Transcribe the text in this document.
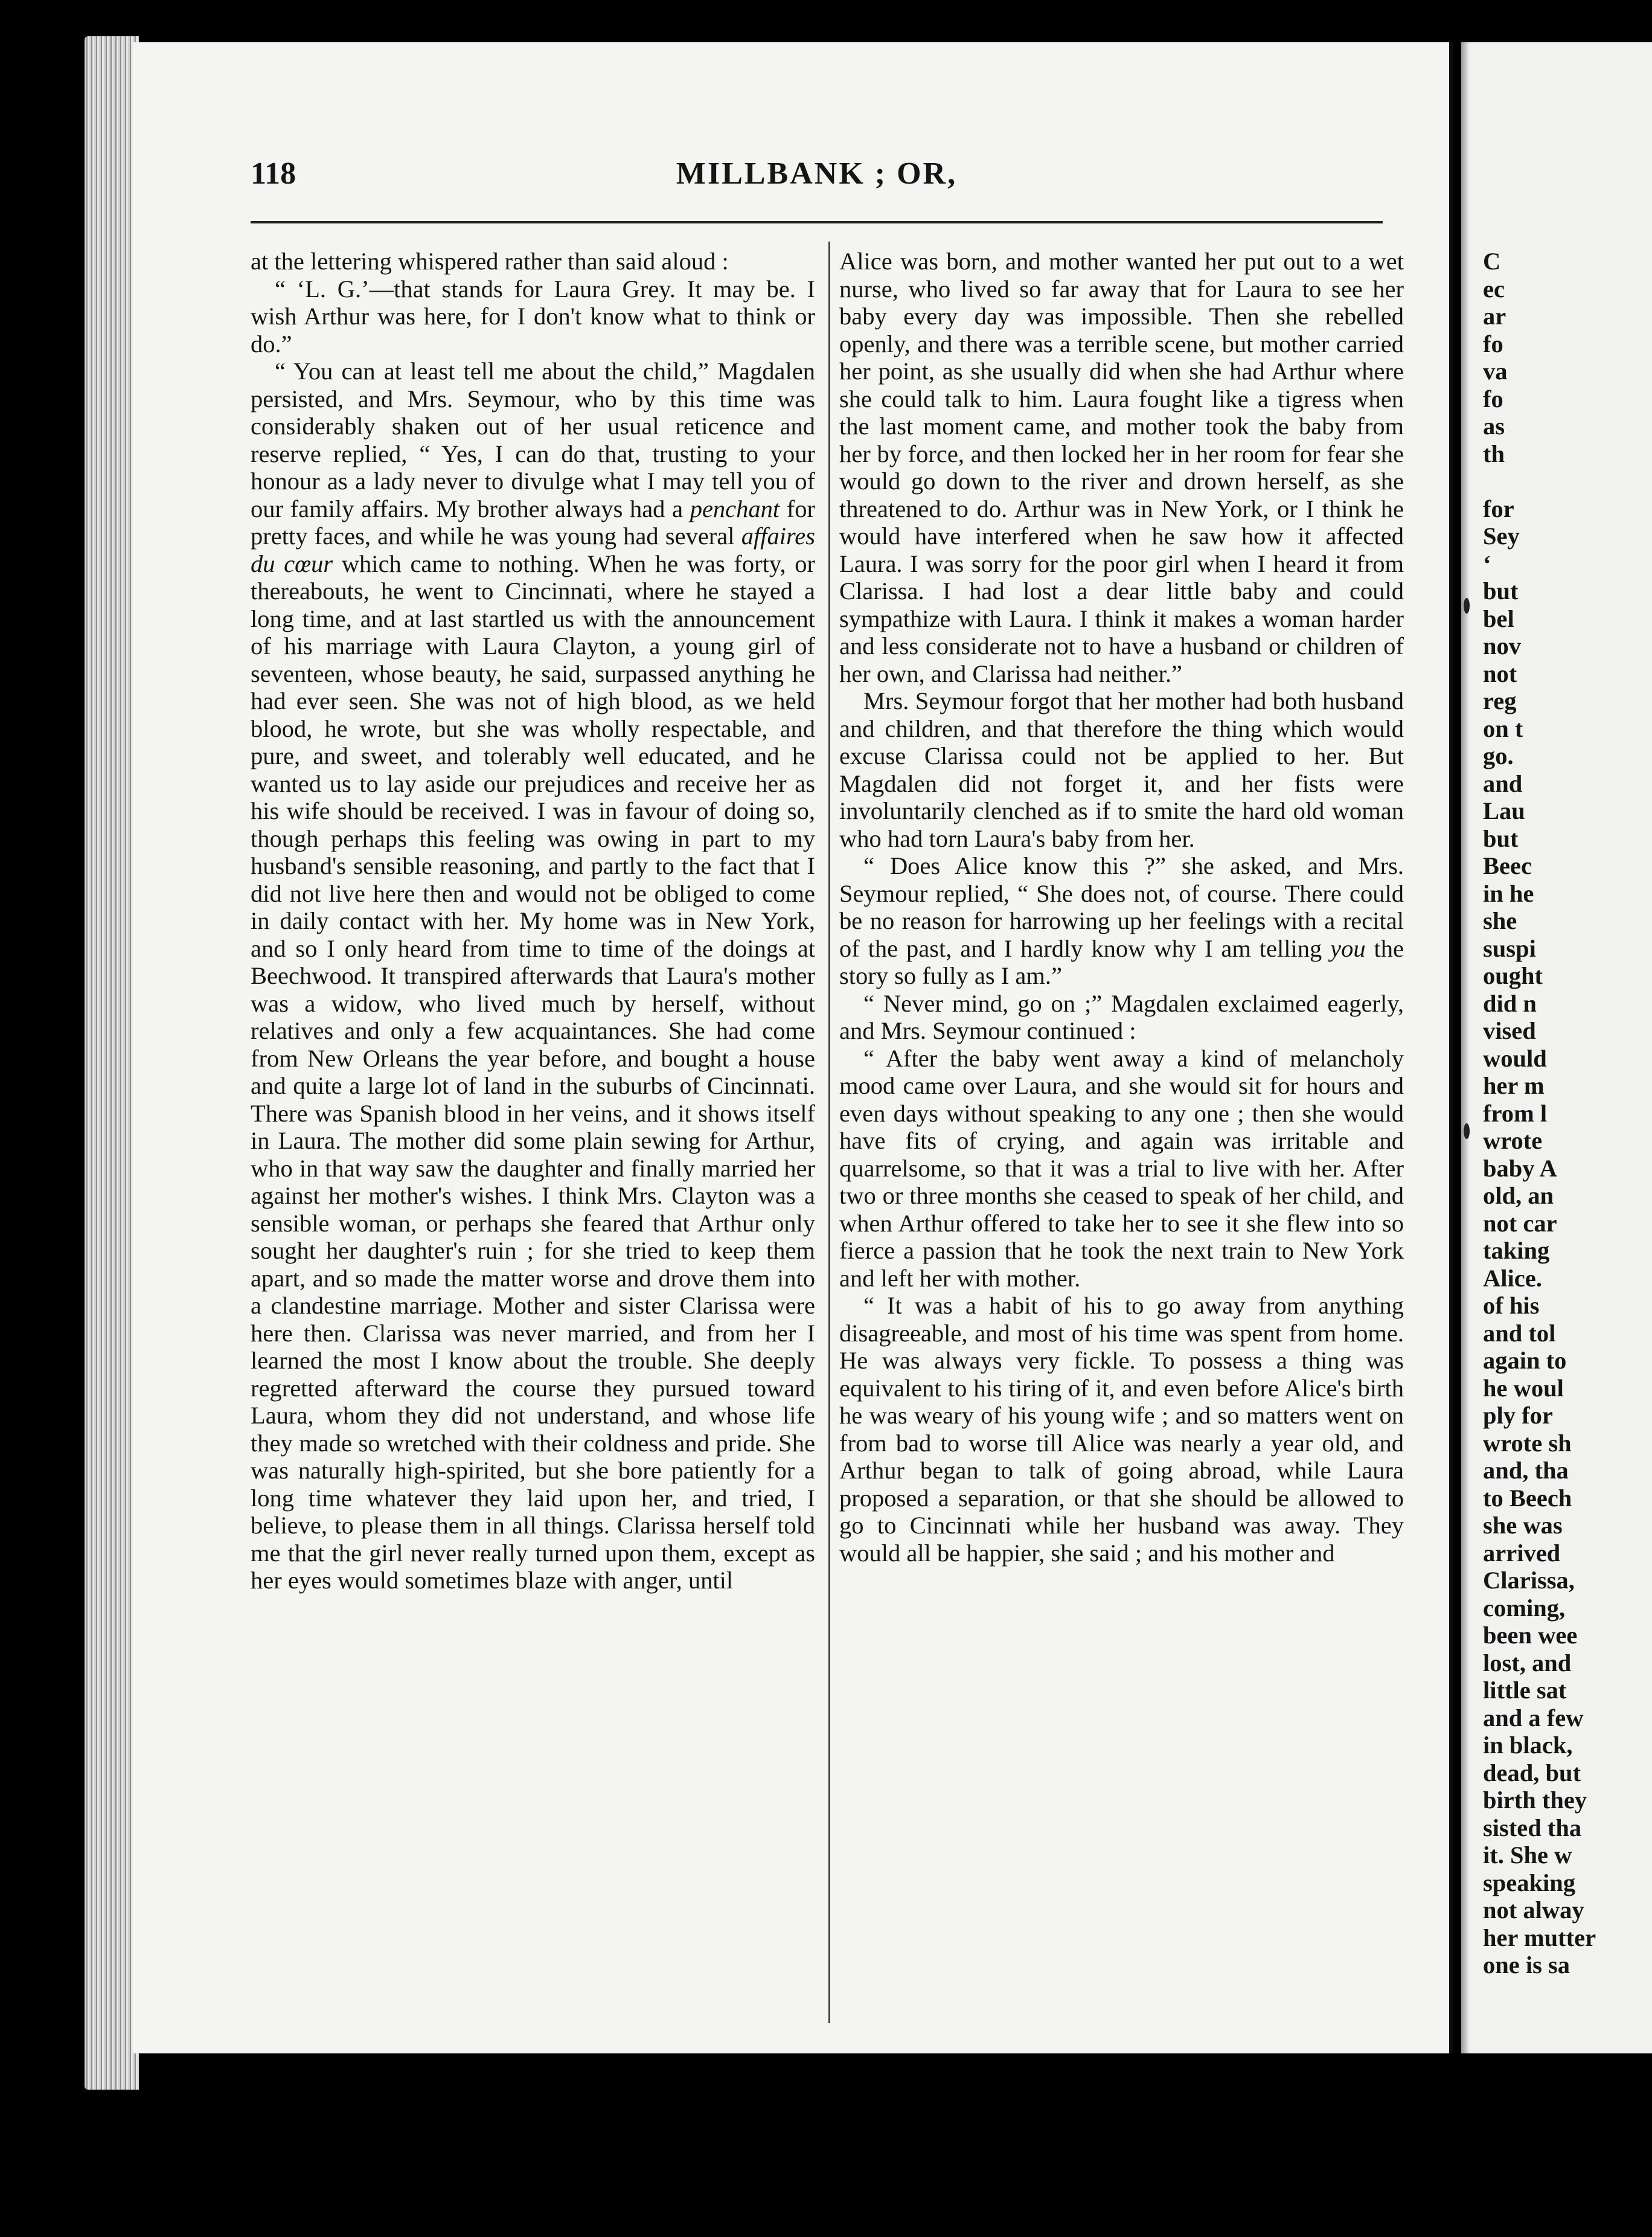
118	MILLBANK ; OR,

at the lettering whispered rather than said aloud :

“ ‘L. G.’—that stands for Laura Grey. It may be. I wish Arthur was here, for I don't know what to think or do.”

“ You can at least tell me about the child,” Magdalen persisted, and Mrs. Seymour, who by this time was considerably shaken out of her usual reticence and reserve replied, “ Yes, I can do that, trusting to your honour as a lady never to divulge what I may tell you of our family affairs. My brother always had a penchant for pretty faces, and while he was young had several affaires du cœur which came to nothing. When he was forty, or thereabouts, he went to Cincinnati, where he stayed a long time, and at last startled us with the announcement of his marriage with Laura Clayton, a young girl of seventeen, whose beauty, he said, surpassed anything he had ever seen. She was not of high blood, as we held blood, he wrote, but she was wholly respectable, and pure, and sweet, and tolerably well educated, and he wanted us to lay aside our prejudices and receive her as his wife should be received. I was in favour of doing so, though perhaps this feeling was owing in part to my husband's sensible reasoning, and partly to the fact that I did not live here then and would not be obliged to come in daily contact with her. My home was in New York, and so I only heard from time to time of the doings at Beechwood. It transpired afterwards that Laura's mother was a widow, who lived much by herself, without relatives and only a few acquaintances. She had come from New Orleans the year before, and bought a house and quite a large lot of land in the suburbs of Cincinnati. There was Spanish blood in her veins, and it shows itself in Laura. The mother did some plain sewing for Arthur, who in that way saw the daughter and finally married her against her mother's wishes. I think Mrs. Clayton was a sensible woman, or perhaps she feared that Arthur only sought her daughter's ruin ; for she tried to keep them apart, and so made the matter worse and drove them into a clandestine marriage. Mother and sister Clarissa were here then. Clarissa was never married, and from her I learned the most I know about the trouble. She deeply regretted afterward the course they pursued toward Laura, whom they did not understand, and whose life they made so wretched with their coldness and pride. She was naturally high-spirited, but she bore patiently for a long time whatever they laid upon her, and tried, I believe, to please them in all things. Clarissa herself told me that the girl never really turned upon them, except as her eyes would sometimes blaze with anger, until

Alice was born, and mother wanted her put out to a wet nurse, who lived so far away that for Laura to see her baby every day was impossible. Then she rebelled openly, and there was a terrible scene, but mother carried her point, as she usually did when she had Arthur where she could talk to him. Laura fought like a tigress when the last moment came, and mother took the baby from her by force, and then locked her in her room for fear she would go down to the river and drown herself, as she threatened to do. Arthur was in New York, or I think he would have interfered when he saw how it affected Laura. I was sorry for the poor girl when I heard it from Clarissa. I had lost a dear little baby and could sympathize with Laura. I think it makes a woman harder and less considerate not to have a husband or children of her own, and Clarissa had neither.”

Mrs. Seymour forgot that her mother had both husband and children, and that therefore the thing which would excuse Clarissa could not be applied to her. But Magdalen did not forget it, and her fists were involuntarily clenched as if to smite the hard old woman who had torn Laura's baby from her.

“ Does Alice know this ?” she asked, and Mrs. Seymour replied, “ She does not, of course. There could be no reason for harrowing up her feelings with a recital of the past, and I hardly know why I am telling you the story so fully as I am.”

“ Never mind, go on ;” Magdalen exclaimed eagerly, and Mrs. Seymour continued :

“ After the baby went away a kind of melancholy mood came over Laura, and she would sit for hours and even days without speaking to any one ; then she would have fits of crying, and again was irritable and quarrelsome, so that it was a trial to live with her. After two or three months she ceased to speak of her child, and when Arthur offered to take her to see it she flew into so fierce a passion that he took the next train to New York and left her with mother.

“ It was a habit of his to go away from anything disagreeable, and most of his time was spent from home. He was always very fickle. To possess a thing was equivalent to his tiring of it, and even before Alice's birth he was weary of his young wife ; and so matters went on from bad to worse till Alice was nearly a year old, and Arthur began to talk of going abroad, while Laura proposed a separation, or that she should be allowed to go to Cincinnati while her husband was away. They would all be happier, she said ; and his mother and

C
ec
ar
fo
va
fo
as
th

for
Sey
‘
but
bel
nov
not
reg
on t
go.
and
Lau
but
Beec
in he
she
suspi
ought
did n
vised
would
her m
from l
wrote
baby A
old, an
not car
taking
Alice.
of his
and tol
again to
he woul
ply for
wrote sh
and, tha
to Beech
she was
arrived
Clarissa,
coming,
been wee
lost, and
little sat
and a few
in black,
dead, but
birth they
sisted tha
it. She w
speaking
not alway
her mutter
one is sa
